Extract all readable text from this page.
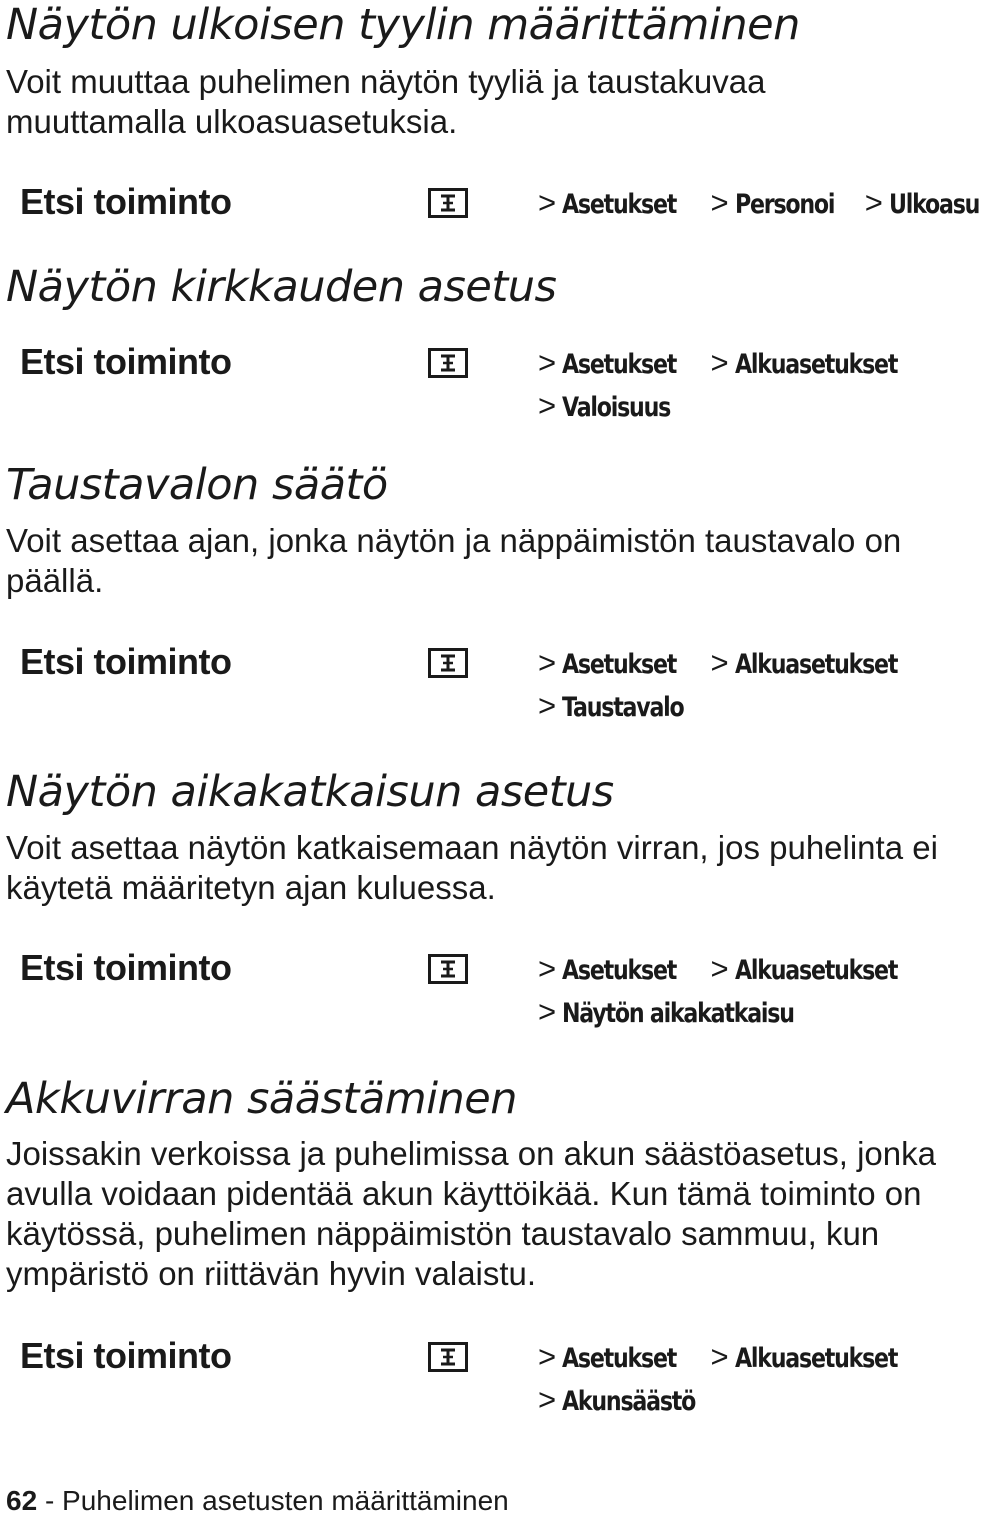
Näytön ulkoisen tyylin määrittäminen

Voit muuttaa puhelimen näytön tyyliä ja taustakuvaa muuttamalla ulkoasuasetuksia.

Etsi toiminto	> Asetukset > Personoi > Ulkoasu
Näytön kirkkauden asetus
Etsi toiminto	> Asetukset > Alkuasetukset
> Valoisuus
Taustavalon säätö

Voit asettaa ajan, jonka näytön ja näppäimistön taustavalo on päällä.

Etsi toiminto	> Asetukset > Alkuasetukset
> Taustavalo
Näytön aikakatkaisun asetus

Voit asettaa näytön katkaisemaan näytön virran, jos puhelinta ei käytetä määritetyn ajan kuluessa.

Etsi toiminto	> Asetukset > Alkuasetukset
> Näytön aikakatkaisu
Akkuvirran säästäminen

Joissakin verkoissa ja puhelimissa on akun säästöasetus, jonka avulla voidaan pidentää akun käyttöikää. Kun tämä toiminto on käytössä, puhelimen näppäimistön taustavalo sammuu, kun ympäristö on riittävän hyvin valaistu.

Etsi toiminto	> Asetukset > Alkuasetukset
> Akunsäästö
62 - Puhelimen asetusten määrittäminen
